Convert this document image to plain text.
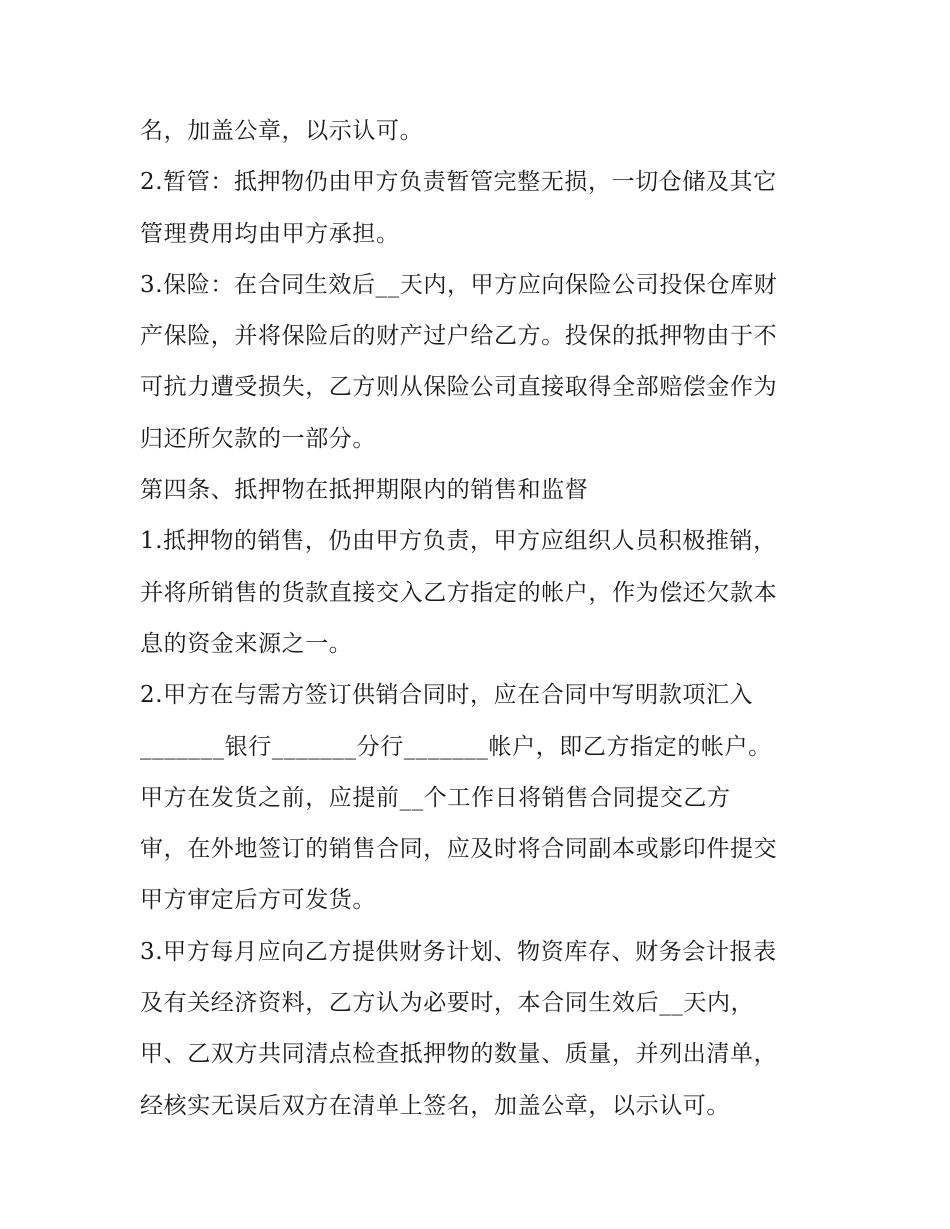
名，加盖公章，以示认可。
2.暂管：抵押物仍由甲方负责暂管完整无损，一切仓储及其它
管理费用均由甲方承担。
3.保险：在合同生效后__天内，甲方应向保险公司投保仓库财
产保险，并将保险后的财产过户给乙方。投保的抵押物由于不
可抗力遭受损失，乙方则从保险公司直接取得全部赔偿金作为
归还所欠款的一部分。
第四条、抵押物在抵押期限内的销售和监督
1.抵押物的销售，仍由甲方负责，甲方应组织人员积极推销，
并将所销售的货款直接交入乙方指定的帐户，作为偿还欠款本
息的资金来源之一。
2.甲方在与需方签订供销合同时，应在合同中写明款项汇入
_______银行_______分行_______帐户，即乙方指定的帐户。
甲方在发货之前，应提前__个工作日将销售合同提交乙方
审，在外地签订的销售合同，应及时将合同副本或影印件提交
甲方审定后方可发货。
3.甲方每月应向乙方提供财务计划、物资库存、财务会计报表
及有关经济资料，乙方认为必要时，本合同生效后__天内，
甲、乙双方共同清点检查抵押物的数量、质量，并列出清单，
经核实无误后双方在清单上签名，加盖公章，以示认可。
